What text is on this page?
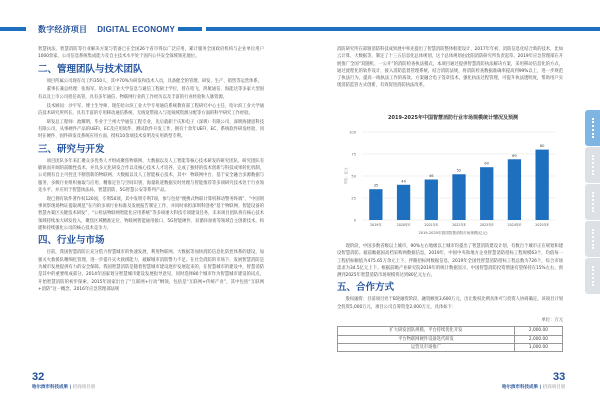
数字经济项目 DIGITAL ECONOMY

智慧执法、智慧消防等行业解决方案与装备已在全国26个省市得以广泛应用，累计服务全国政府机构与企业单位用户1000余家，公司信息系统集成能力及自主技术水平处于国内公共安全领域领先地位。

二、管理团队与技术团队

项目所属公司现有员工约350人，其中70%为研发和技术人员，具备健全的管理、研发、生产、销售等运营体系。

董事长兼总经理：张海军，哈尔滨工业大学信息与通信工程硕士学位，曾在哈飞、鸿航通信、海能达等多家大型国有以及上市公司担任高管，具有多年通信、物联网行业的工作经历以及丰富的行业经验和人脉资源。

技术顾问：沙宇军，博士生导师，现任哈尔滨工业大学专用通信系统教育部工程研究中心主任，哈尔滨工业大学通信技术研究所所长，具有丰富的专用移动通信系统、无线宽带接入与宽频域资源分配等方面的科学研究工作经验。

研发总工程师：池耀明，毕业于兰州大学通信工程专业，先后就职于庆和电子（深圳）有限公司、深圳海捷思科技有限公司，从事硬件产品的UEFI、EC及应用软件、测试软件开发工作，拥有十余年UEFI、EC、系统软件研发经验，同时在硬件、固件研发及系统应用方面，授权10余项技术发明及实用新型专利。

三、研究与开发

项目团队多年来汇聚众多优秀人才组成聚焦物联网、大数据以及人工智能等核心技术研发的研究团队，研究团队有敏锐而开阔的前瞻性技术，并具多元化研发合作以及核心技术人才培养，完成了独特的技术创新与科技成果转化机制，公司拥有自主可控且不断创新的物联网、大数据以及人工智能核心技术，其中：物联网中台、基于安全融合多源数据与服务、多级行业组织抽取与应用、精准定位与空间识别、海量轨迹数据实时处理与智能推荐等多项研究技术处于行业领先水平，并应用于智慧执法局、智慧消防、5G智慧公安等系列产品。

现已拥有软件著作权120项，专利50项，其中发明专利7项，参与包括“便携式物联计算机移动警务终端”、“中国刑事侦察现场物证提取规范”在内的多项行业标准及发展报告制定工作，并同时承担深圳科创委“基于物联网、智能设备的智慧办案区关键技术研发”、“公检法物联网智能化应用系统”等多项重大科技专项建设任务，未来项目团队将在核心技术领域持续加大研发投入，聚焦区域精准定位、物联网智能通用接口、5G智能硬件、双循环加密等领域自主创新技术，构建和持续强化公司的核心技术竞争力。

四、行业与市场

目前，我国智慧消防正充分借力智慧城市的快速发展，利用物联网、大数据等加快消防信息化防控体系的建设，加强灭火救援队精细化管理，进一步提升灭火救援能力，破解城市消防警力不足。在社会消防的市场下，发展智慧消防是为城市发展提供有力的安全保障。我国智慧消防是随着智慧城市建设逐步发展起来的，在智慧城市的建设中，智慧消防是其中的重要组成部分。2014年国家划分智慧城市建设发展指导意见，同时选择80个城市作为智慧城市建设的试点，开始智慧消防的初步探索。2015年国家出台了“互联网+行动”纲领，包括是“互联网+传统产业”，其中包括“互联网+消防”这一概念，2016年应急管理部法规

32
哈尔滨市科技成果 | 招商项目册

消防研究所在部颁消防科技成果展中率先提出了智慧消防整体框架设计，2017年年初，消防信息化结合新的技术，比如云计算、大数据等，制定了十三五信息化总体规划，这个总体规划由沈阳消防研究所负责起草。2019年应急管理部在开展推广全国“双随机、一公开”的消防检查执法模式，本项目通过提供智慧消防执法解决方案，采用移动信息化的方式，通过流程化的软件设计，接入消防监督管理系统，结合消防法规，将消防检查数据准确率提高到99%以上，进一步规范了执法行为，提高一线执法工作的质效。方案融合电子签章技术，强化执法过程管理，可提升执法透明度，帮助用户实现消防监管方式创新，有效促进消防执法改革。

2019-2025年中国智慧消防行业市场规模统计情况及预测
0
25
50
75
100
单位：亿元
35
2019年
40
2020年E
46
2021年E
52
2022年E
60
2023年E
69
2024年E
80
2025年E
2019-2025年我国智慧消防市场规模(亿元)

现阶段，中国多数省级以上城市，90%左右地级以上城市均提出了智慧消防建设计划，有数百个城市正在规划和建设智慧消防。据前瞻据国高档采购网数据信息，2019年，中国中央和地方企业智慧消防招标工程规模63个，均值每一工程招标额值为475.65万余元上下，伴随招标网数据信息，2019年全国性智慧消防招标工程总数为726个，综合市场需求为34.5亿元上下。根据前瞻产业研究院2019年的统计数据显示，中国智慧消防投资增速有望保持在15%左右，预测到2025年智慧消防市场规模将达到80亿元左右。

五、合作方式

股权融资：目前项目处于B轮融资阶段，融资额度3,600万元，出让股权比例具体可与投资人协商确定。该项目计划全投资5,000万元，项目公司自筹资金2,000万元，具体如下：

单位：万元
扩大研发团队规模，平台持续优化开发	2,000.00
平台物联网硬件设备迭代研发	2,000.00
运营及市场推广	1,000.00
33
哈尔滨市科技成果 | 招商项目册
